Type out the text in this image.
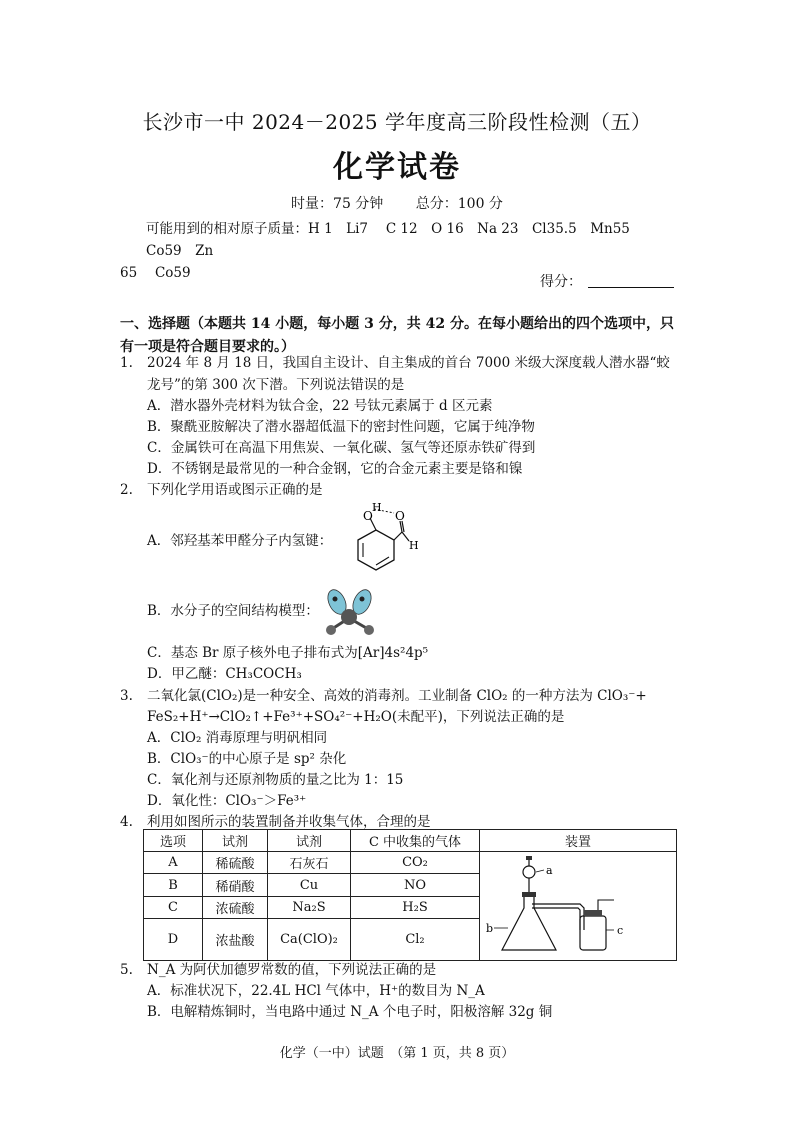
长沙市一中 2024－2025 学年度高三阶段性检测（五）
化学试卷
时量：75 分钟 总分：100 分
可能用到的相对原子质量：H 1　Li7　 C 12　O 16　Na 23　Cl35.5　Mn55　Co59　Zn
65　 Co59
得分：
一、选择题（本题共 14 小题，每小题 3 分，共 42 分。在每小题给出的四个选项中，只有一项是符合题目要求的。）
1. 2024 年 8 月 18 日，我国自主设计、自主集成的首台 7000 米级大深度载人潜水器“蛟龙号”的第 300 次下潜。下列说法错误的是
A．潜水器外壳材料为钛合金，22 号钛元素属于 d 区元素
B．聚酰亚胺解决了潜水器超低温下的密封性问题，它属于纯净物
C．金属铁可在高温下用焦炭、一氧化碳、氢气等还原赤铁矿得到
D．不锈钢是最常见的一种合金钢，它的合金元素主要是铬和镍
2. 下列化学用语或图示正确的是
A．邻羟基苯甲醛分子内氢键：
O
H
O
H
B．水分子的空间结构模型：
C．基态 Br 原子核外电子排布式为[Ar]4s²4p⁵
D．甲乙醚：CH₃COCH₃
3. 二氧化氯(ClO₂)是一种安全、高效的消毒剂。工业制备 ClO₂ 的一种方法为 ClO₃⁻+
FeS₂+H⁺→ClO₂↑+Fe³⁺+SO₄²⁻+H₂O(未配平)，下列说法正确的是
A．ClO₂ 消毒原理与明矾相同
B．ClO₃⁻的中心原子是 sp² 杂化
C．氧化剂与还原剂物质的量之比为 1：15
D．氧化性：ClO₃⁻＞Fe³⁺
4. 利用如图所示的装置制备并收集气体，合理的是
选项	试剂	试剂	C 中收集的气体	装置
A	稀硫酸	石灰石	CO₂	a
b c

B	稀硝酸	Cu	NO	
C	浓硫酸	Na₂S	H₂S	
D	浓盐酸	Ca(ClO)₂	Cl₂	
5. N_A 为阿伏加德罗常数的值，下列说法正确的是
A．标准状况下，22.4L HCl 气体中，H⁺的数目为 N_A
B．电解精炼铜时，当电路中通过 N_A 个电子时，阳极溶解 32g 铜
化学（一中）试题　（第 1 页，共 8 页）
